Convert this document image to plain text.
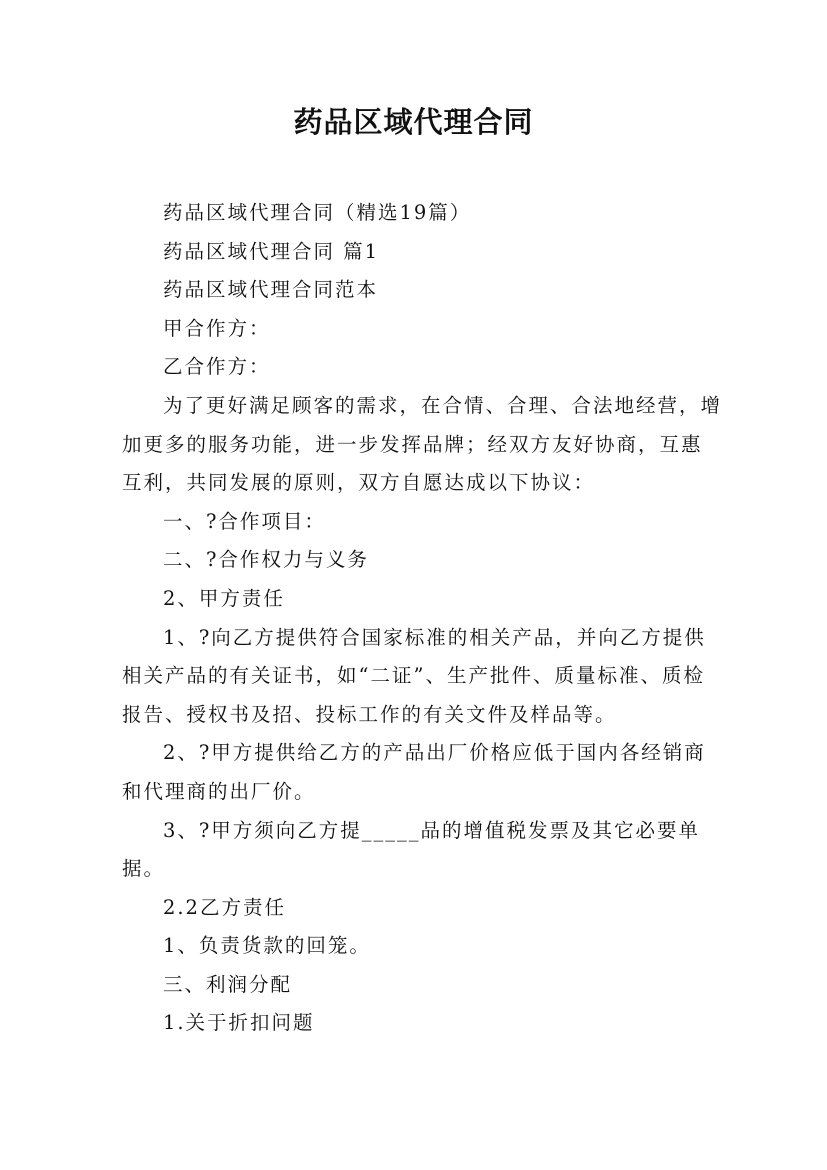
药品区域代理合同

药品区域代理合同（精选19篇）

药品区域代理合同 篇1

药品区域代理合同范本

甲合作方：

乙合作方：

为了更好满足顾客的需求，在合情、合理、合法地经营，增加更多的服务功能，进一步发挥品牌；经双方友好协商，互惠互利，共同发展的原则，双方自愿达成以下协议：

一、?合作项目：

二、?合作权力与义务

2、甲方责任

1、?向乙方提供符合国家标准的相关产品，并向乙方提供相关产品的有关证书，如“二证”、生产批件、质量标准、质检报告、授权书及招、投标工作的有关文件及样品等。

2、?甲方提供给乙方的产品出厂价格应低于国内各经销商和代理商的出厂价。

3、?甲方须向乙方提_____品的增值税发票及其它必要单据。

2.2乙方责任

1、负责货款的回笼。

三、利润分配

1.关于折扣问题
